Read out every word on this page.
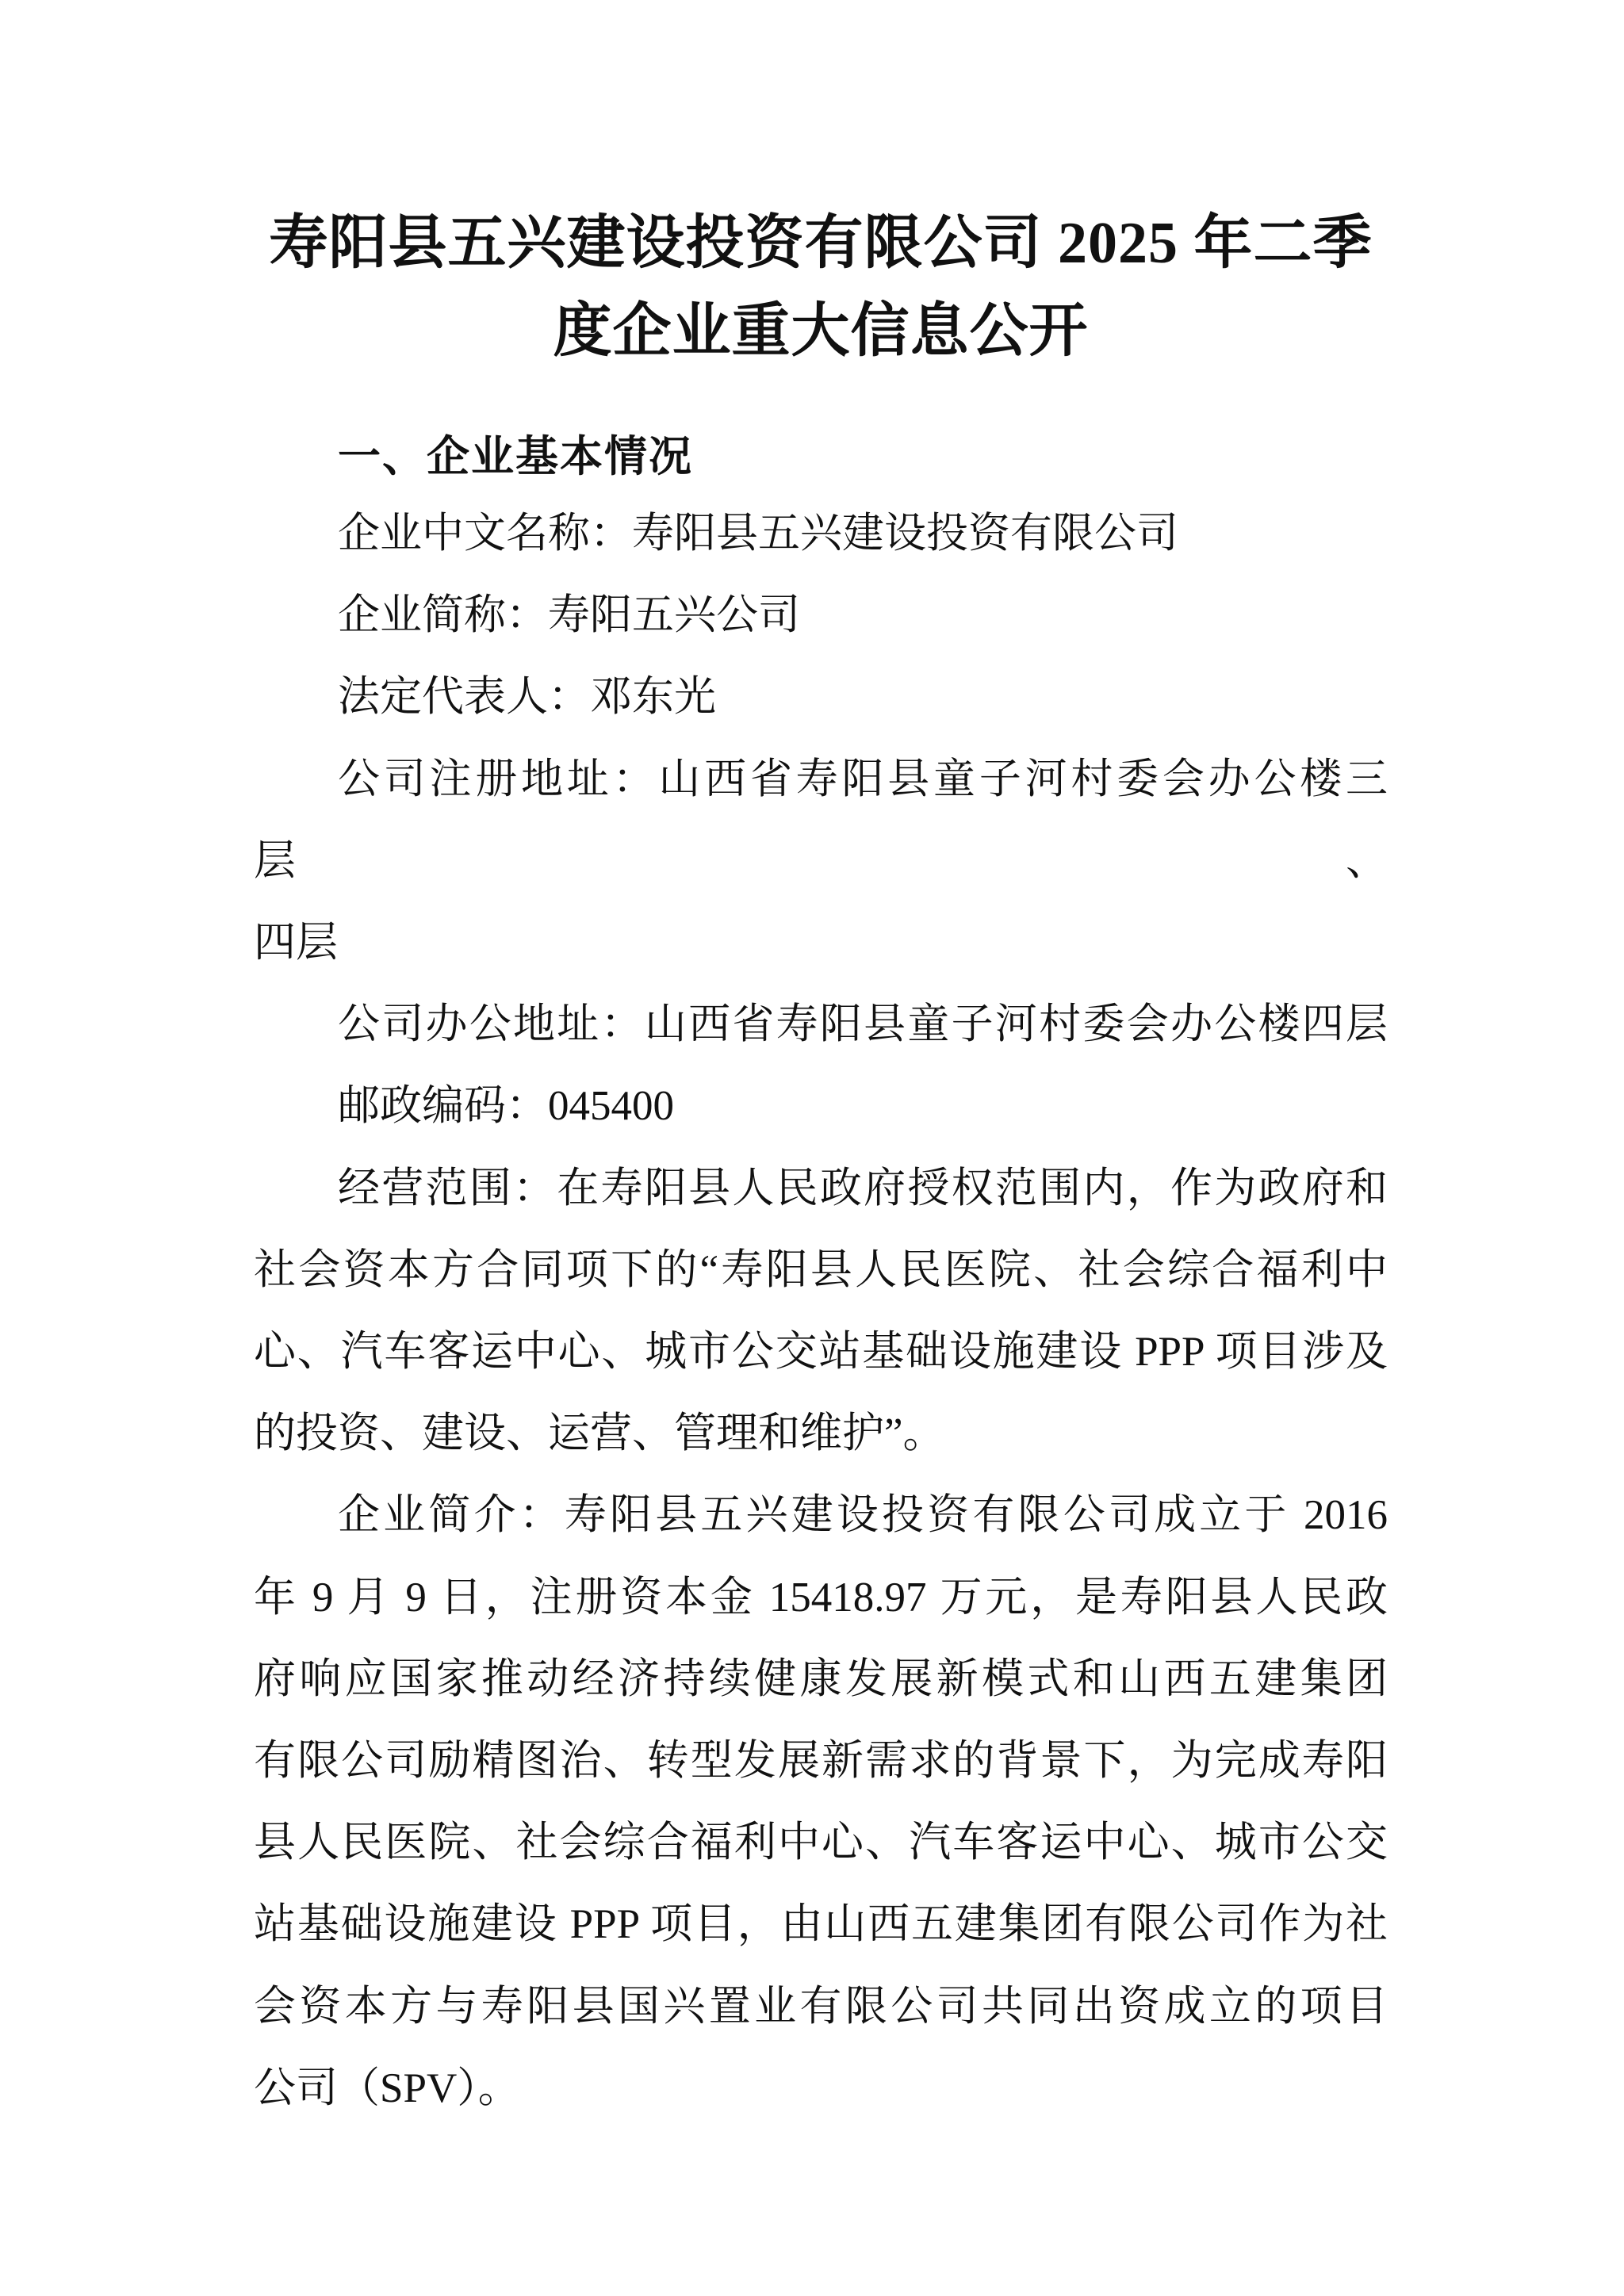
寿阳县五兴建设投资有限公司 2025 年二季
度企业重大信息公开
一、企业基本情况
企业中文名称：寿阳县五兴建设投资有限公司
企业简称：寿阳五兴公司
法定代表人：邓东光
公司注册地址：山西省寿阳县童子河村委会办公楼三层、
四层
公司办公地址：山西省寿阳县童子河村委会办公楼四层
邮政编码：045400
经营范围：在寿阳县人民政府授权范围内，作为政府和
社会资本方合同项下的“寿阳县人民医院、社会综合福利中
心、汽车客运中心、城市公交站基础设施建设 PPP 项目涉及
的投资、建设、运营、管理和维护”。
企业简介：寿阳县五兴建设投资有限公司成立于 2016
年 9 月 9 日，注册资本金 15418.97 万元，是寿阳县人民政
府响应国家推动经济持续健康发展新模式和山西五建集团
有限公司励精图治、转型发展新需求的背景下，为完成寿阳
县人民医院、社会综合福利中心、汽车客运中心、城市公交
站基础设施建设 PPP 项目，由山西五建集团有限公司作为社
会资本方与寿阳县国兴置业有限公司共同出资成立的项目
公司（SPV）。
